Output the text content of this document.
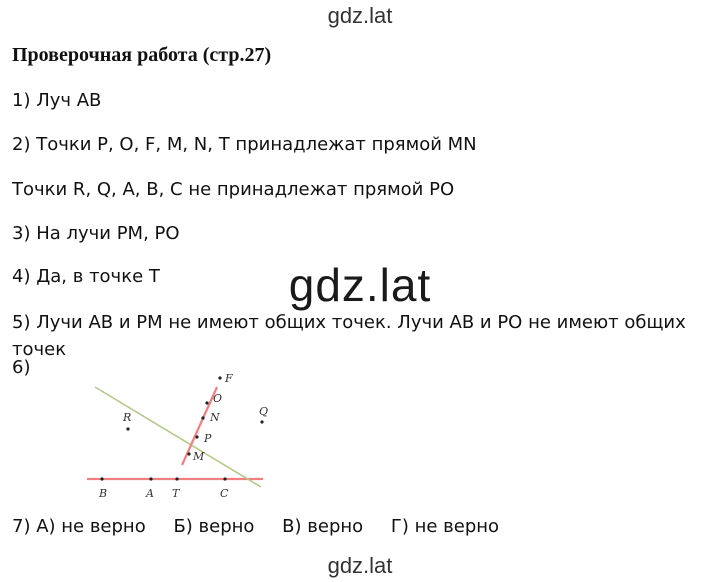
gdz.lat
Проверочная работа (стр.27)
1) Луч AB
2) Точки P, O, F, M, N, T принадлежат прямой MN
Точки R, Q, A, B, C не принадлежат прямой PO
3) На лучи PM, PO
4) Да, в точке T	gdz.lat
5) Лучи AB и PM не имеют общих точек. Лучи AB и PO не имеют общих точек
6)
F
O
N
P
M
R	Q
B	A T	C
7) А) не верно Б) верно В) верно Г) не верно
gdz.lat
